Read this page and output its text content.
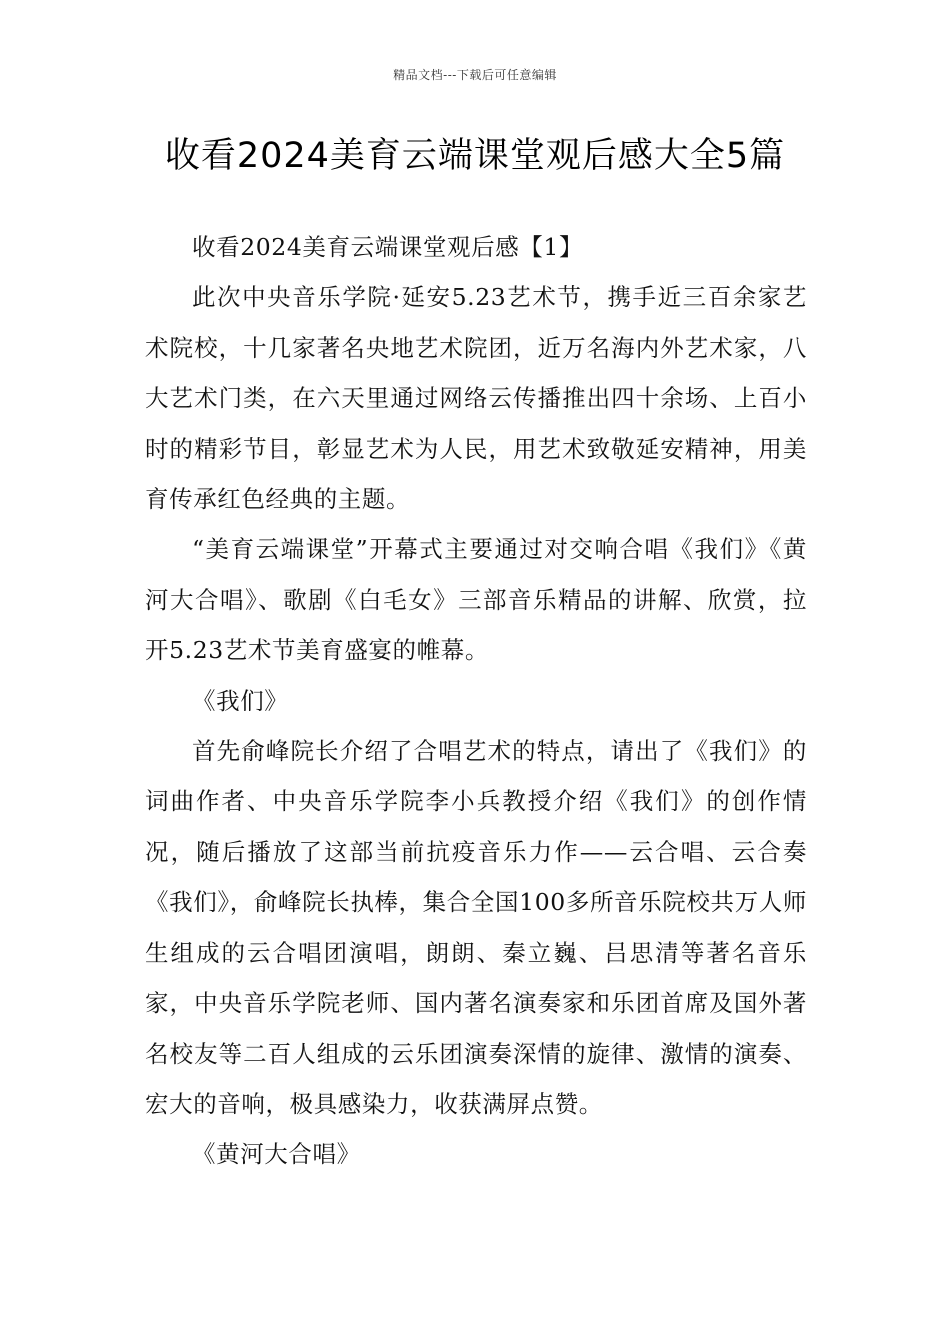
精品文档---下载后可任意编辑
收看2024美育云端课堂观后感大全5篇

收看2024美育云端课堂观后感【1】

此次中央音乐学院·延安5.23艺术节，携手近三百余家艺术院校，十几家著名央地艺术院团，近万名海内外艺术家，八大艺术门类，在六天里通过网络云传播推出四十余场、上百小时的精彩节目，彰显艺术为人民，用艺术致敬延安精神，用美育传承红色经典的主题。

“美育云端课堂”开幕式主要通过对交响合唱《我们》《黄河大合唱》、歌剧《白毛女》三部音乐精品的讲解、欣赏，拉开5.23艺术节美育盛宴的帷幕。

《我们》

首先俞峰院长介绍了合唱艺术的特点，请出了《我们》的词曲作者、中央音乐学院李小兵教授介绍《我们》的创作情况，随后播放了这部当前抗疫音乐力作——云合唱、云合奏《我们》，俞峰院长执棒，集合全国100多所音乐院校共万人师生组成的云合唱团演唱，朗朗、秦立巍、吕思清等著名音乐家，中央音乐学院老师、国内著名演奏家和乐团首席及国外著名校友等二百人组成的云乐团演奏深情的旋律、激情的演奏、宏大的音响，极具感染力，收获满屏点赞。

《黄河大合唱》
